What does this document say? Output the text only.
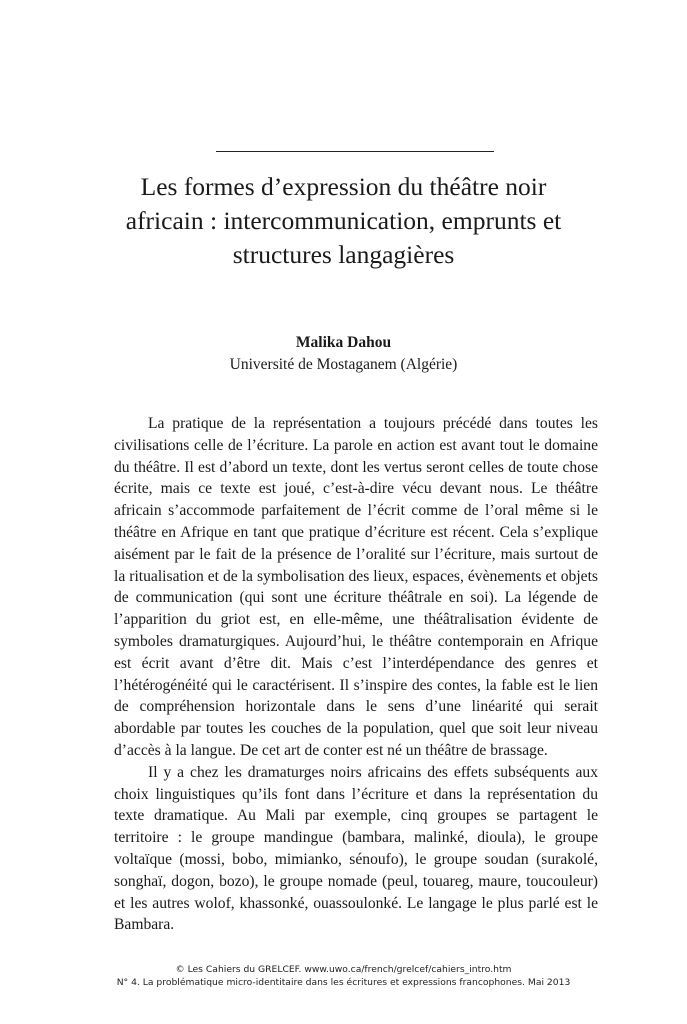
Les formes d’expression du théâtre noir
africain : intercommunication, emprunts et
structures langagières

Malika Dahou

Université de Mostaganem (Algérie)

La pratique de la représentation a toujours précédé dans toutes les civilisations celle de l’écriture. La parole en action est avant tout le domaine du théâtre. Il est d’abord un texte, dont les vertus seront celles de toute chose écrite, mais ce texte est joué, c’est-à-dire vécu devant nous. Le théâtre africain s’accommode parfaitement de l’écrit comme de l’oral même si le théâtre en Afrique en tant que pratique d’écriture est récent. Cela s’explique aisément par le fait de la présence de l’oralité sur l’écriture, mais surtout de la ritualisation et de la symbolisation des lieux, espaces, évènements et objets de communication (qui sont une écriture théâtrale en soi). La légende de l’apparition du griot est, en elle-même, une théâtralisation évidente de symboles dramaturgiques. Aujourd’hui, le théâtre contemporain en Afrique est écrit avant d’être dit. Mais c’est l’interdépendance des genres et l’hétérogénéité qui le caractérisent. Il s’inspire des contes, la fable est le lien de compréhension horizontale dans le sens d’une linéarité qui serait abordable par toutes les couches de la population, quel que soit leur niveau d’accès à la langue. De cet art de conter est né un théâtre de brassage.

Il y a chez les dramaturges noirs africains des effets subséquents aux choix linguistiques qu’ils font dans l’écriture et dans la représentation du texte dramatique. Au Mali par exemple, cinq groupes se partagent le territoire : le groupe mandingue (bambara, malinké, dioula), le groupe voltaïque (mossi, bobo, mimianko, sénoufo), le groupe soudan (surakolé, songhaï, dogon, bozo), le groupe nomade (peul, touareg, maure, toucouleur) et les autres wolof, khassonké, ouassoulonké. Le langage le plus parlé est le Bambara.

© Les Cahiers du GRELCEF. www.uwo.ca/french/grelcef/cahiers_intro.htm
N° 4. La problématique micro-identitaire dans les écritures et expressions francophones. Mai 2013
